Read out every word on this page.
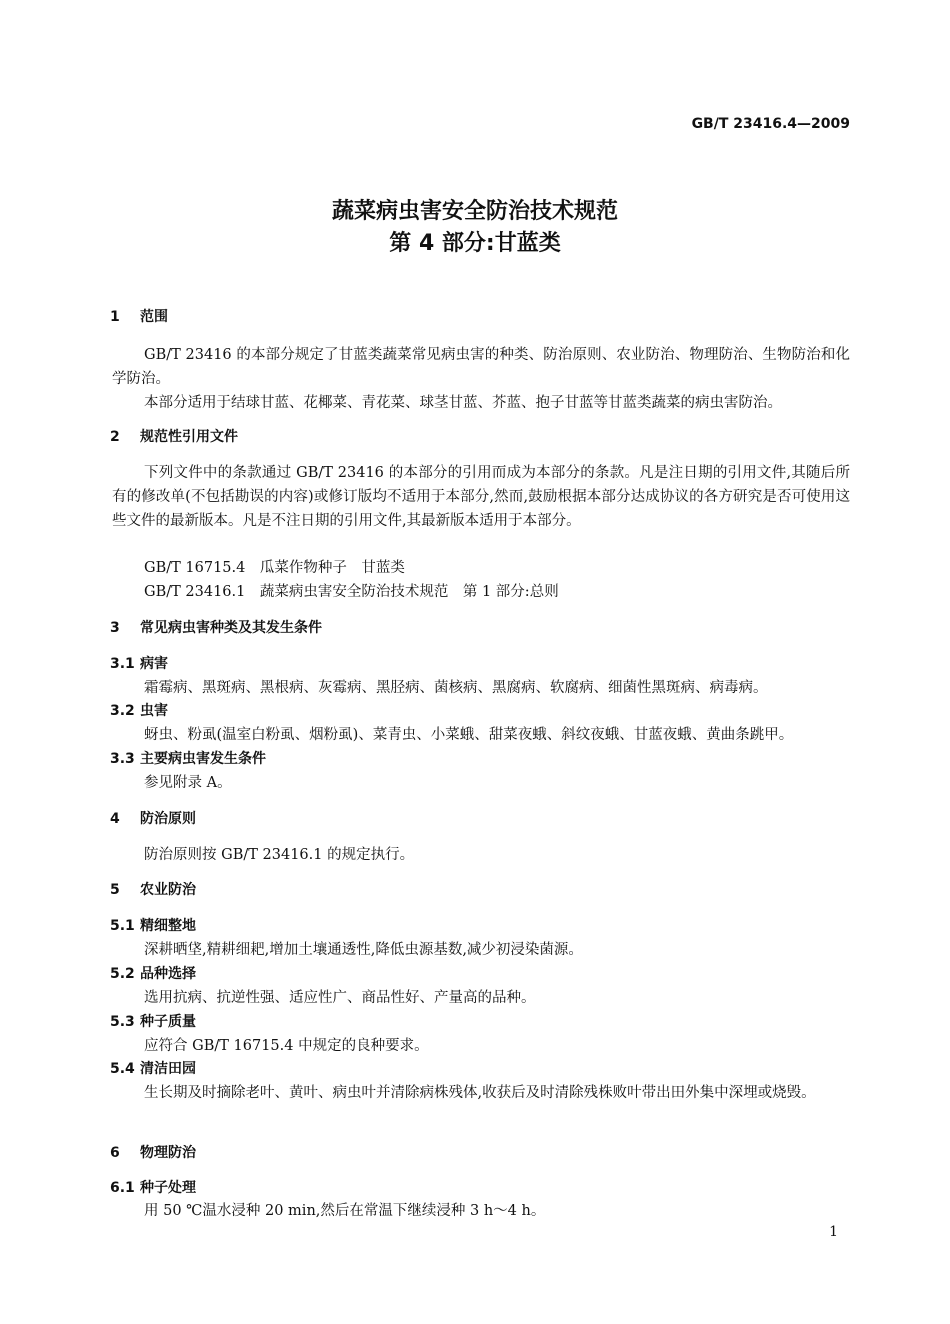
GB/T 23416.4—2009
蔬菜病虫害安全防治技术规范
第 4 部分:甘蓝类
1 范围
GB/T 23416 的本部分规定了甘蓝类蔬菜常见病虫害的种类、防治原则、农业防治、物理防治、生物防治和化学防治。
本部分适用于结球甘蓝、花椰菜、青花菜、球茎甘蓝、芥蓝、抱子甘蓝等甘蓝类蔬菜的病虫害防治。
2 规范性引用文件
下列文件中的条款通过 GB/T 23416 的本部分的引用而成为本部分的条款。凡是注日期的引用文件,其随后所有的修改单(不包括勘误的内容)或修订版均不适用于本部分,然而,鼓励根据本部分达成协议的各方研究是否可使用这些文件的最新版本。凡是不注日期的引用文件,其最新版本适用于本部分。
GB/T 16715.4　瓜菜作物种子　甘蓝类
GB/T 23416.1　蔬菜病虫害安全防治技术规范　第 1 部分:总则
3 常见病虫害种类及其发生条件
3.1 病害
霜霉病、黑斑病、黑根病、灰霉病、黑胫病、菌核病、黑腐病、软腐病、细菌性黑斑病、病毒病。
3.2 虫害
蚜虫、粉虱(温室白粉虱、烟粉虱)、菜青虫、小菜蛾、甜菜夜蛾、斜纹夜蛾、甘蓝夜蛾、黄曲条跳甲。
3.3 主要病虫害发生条件
参见附录 A。
4 防治原则
防治原则按 GB/T 23416.1 的规定执行。
5 农业防治
5.1 精细整地
深耕晒垡,精耕细耙,增加土壤通透性,降低虫源基数,减少初浸染菌源。
5.2 品种选择
选用抗病、抗逆性强、适应性广、商品性好、产量高的品种。
5.3 种子质量
应符合 GB/T 16715.4 中规定的良种要求。
5.4 清洁田园
生长期及时摘除老叶、黄叶、病虫叶并清除病株残体,收获后及时清除残株败叶带出田外集中深埋或烧毁。
6 物理防治
6.1 种子处理
用 50 ℃温水浸种 20 min,然后在常温下继续浸种 3 h～4 h。
1
